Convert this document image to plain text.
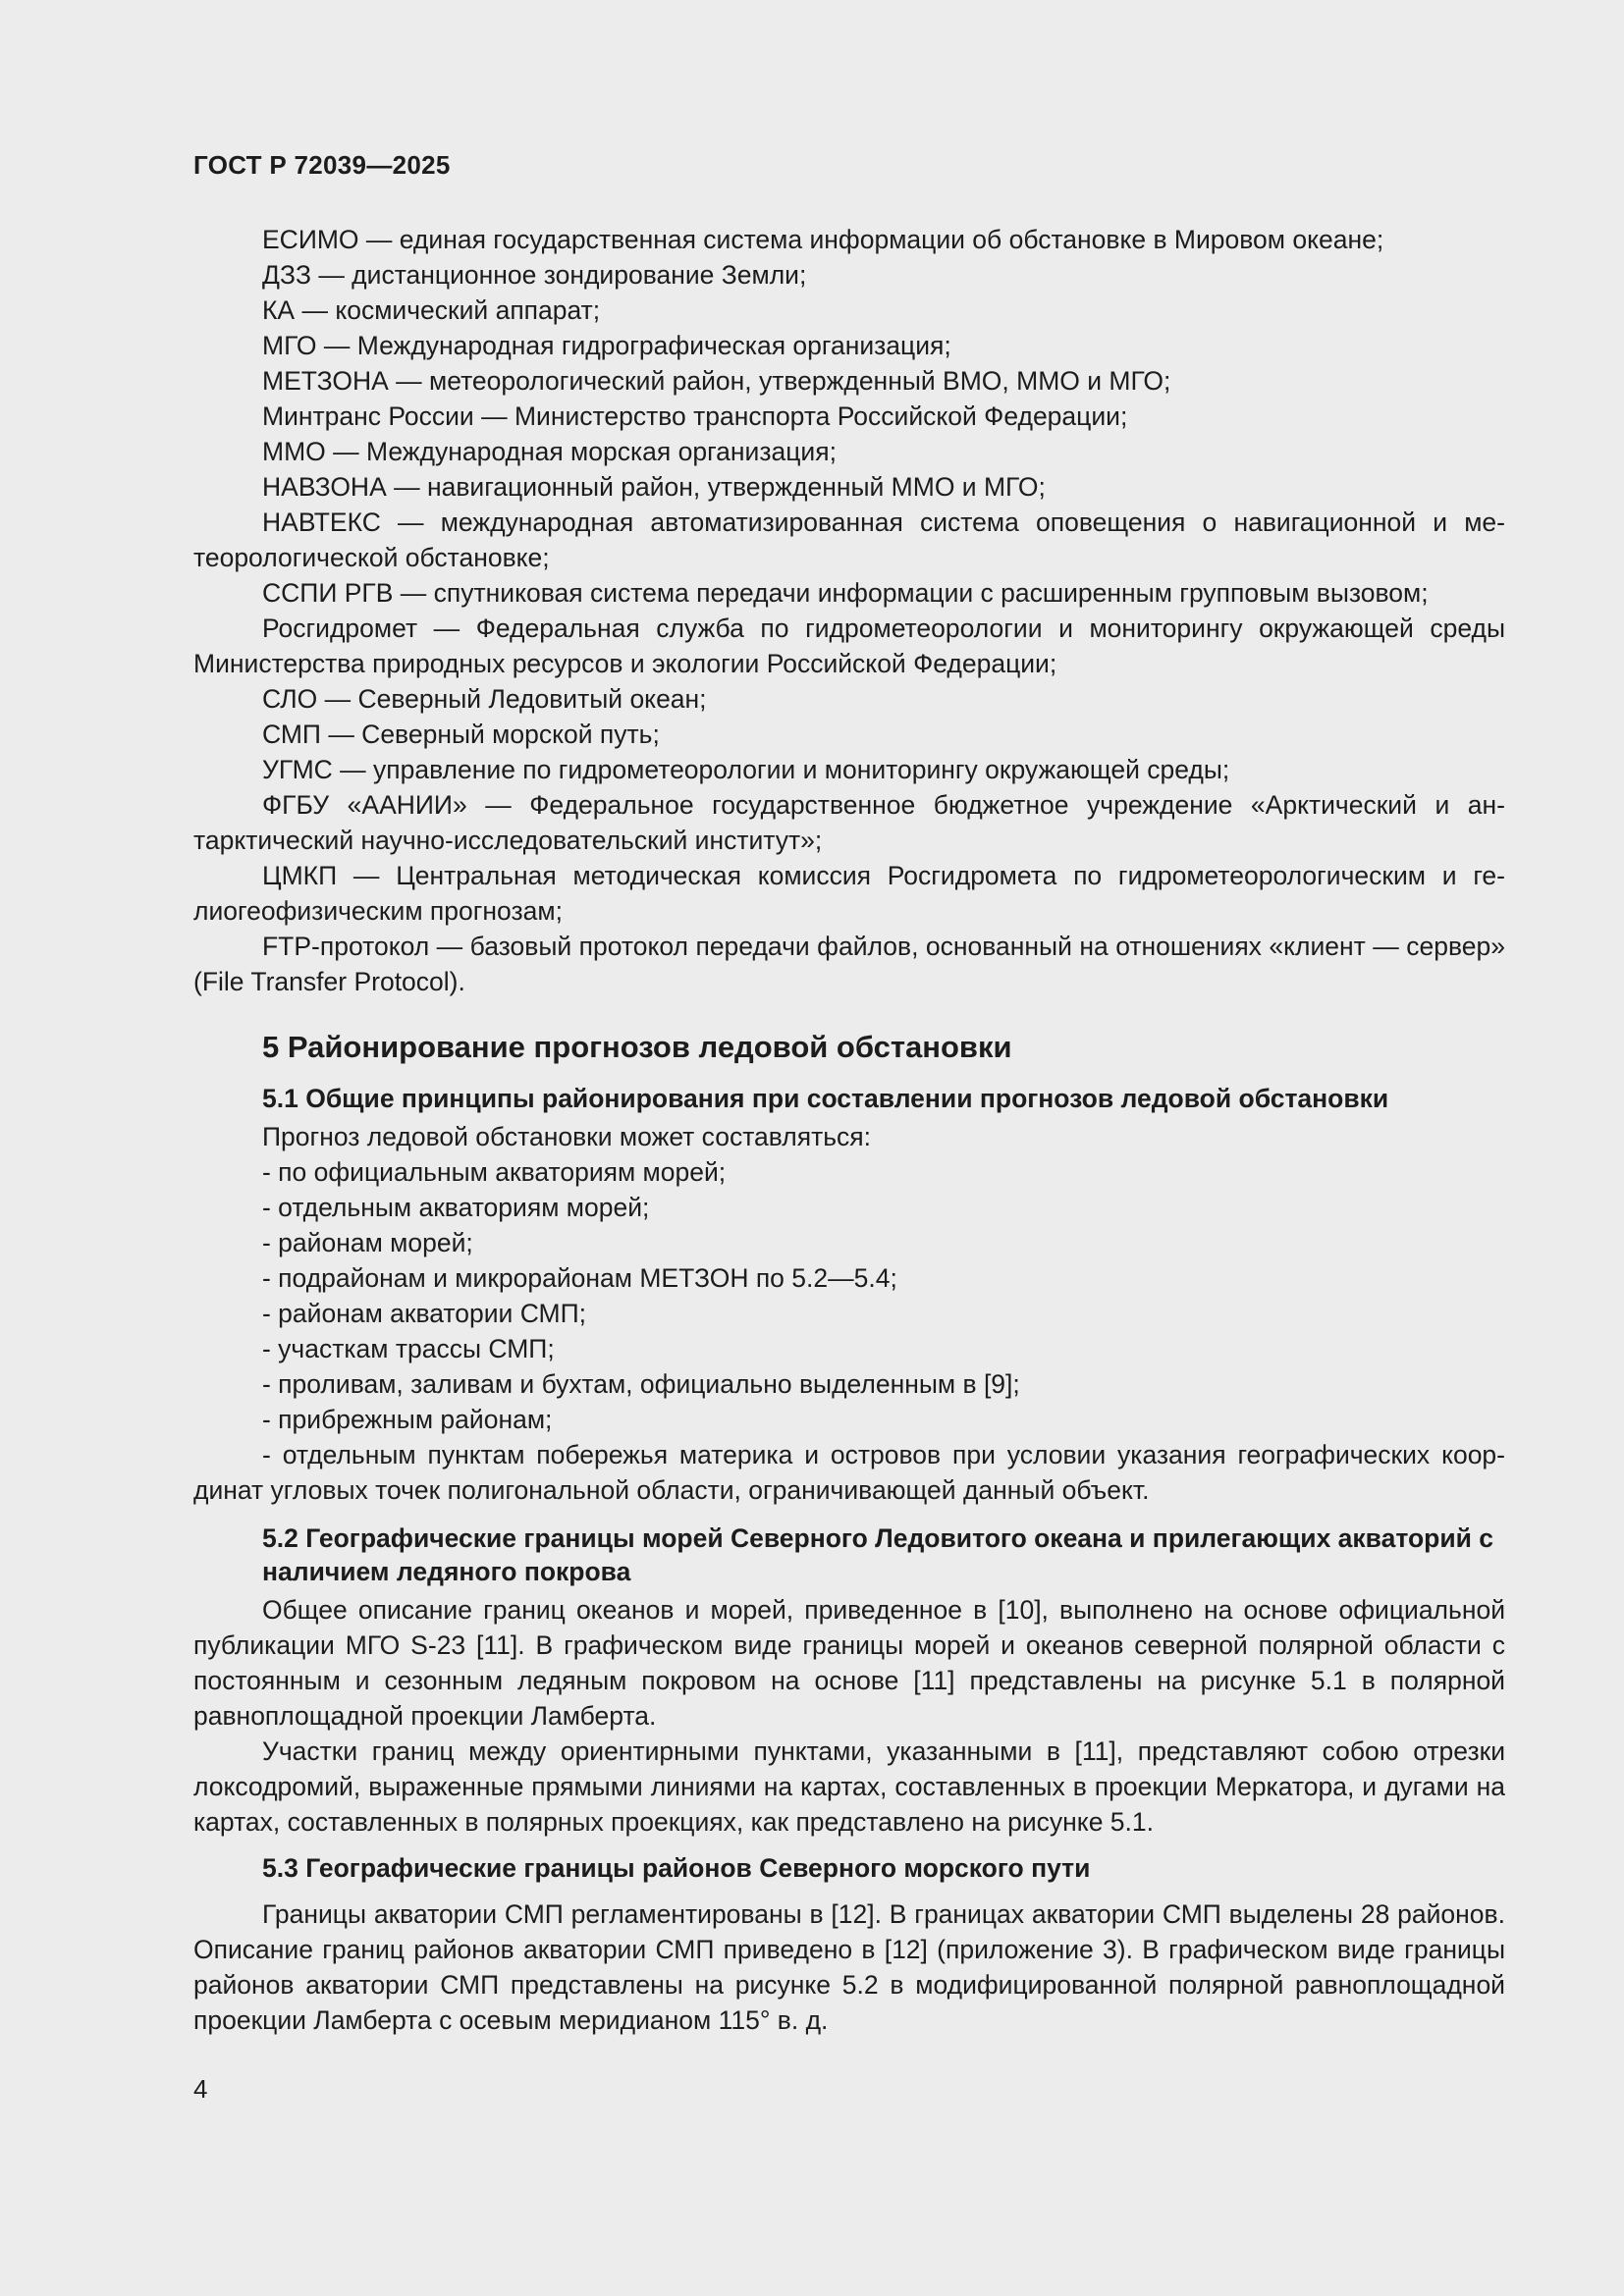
ГОСТ Р 72039—2025

ЕСИМО — единая государственная система информации об обстановке в Мировом океане;

ДЗЗ — дистанционное зондирование Земли;

КА — космический аппарат;

МГО — Международная гидрографическая организация;

МЕТЗОНА — метеорологический район, утвержденный ВМО, ММО и МГО;

Минтранс России — Министерство транспорта Российской Федерации;

ММО — Международная морская организация;

НАВЗОНА — навигационный район, утвержденный ММО и МГО;

НАВТЕКС — международная автоматизированная система оповещения о навигационной и метеорологической обстановке;

ССПИ РГВ — спутниковая система передачи информации с расширенным групповым вызовом;

Росгидромет — Федеральная служба по гидрометеорологии и мониторингу окружающей среды Министерства природных ресурсов и экологии Российской Федерации;

СЛО — Северный Ледовитый океан;

СМП — Северный морской путь;

УГМС — управление по гидрометеорологии и мониторингу окружающей среды;

ФГБУ «ААНИИ» — Федеральное государственное бюджетное учреждение «Арктический и антарктический научно-исследовательский институт»;

ЦМКП — Центральная методическая комиссия Росгидромета по гидрометеорологическим и гелиогеофизическим прогнозам;

FTP-протокол — базовый протокол передачи файлов, основанный на отношениях «клиент — сервер» (File Transfer Protocol).

5 Районирование прогнозов ледовой обстановки
5.1 Общие принципы районирования при составлении прогнозов ледовой обстановки

Прогноз ледовой обстановки может составляться:

- по официальным акваториям морей;

- отдельным акваториям морей;

- районам морей;

- подрайонам и микрорайонам МЕТЗОН по 5.2—5.4;

- районам акватории СМП;

- участкам трассы СМП;

- проливам, заливам и бухтам, официально выделенным в [9];

- прибрежным районам;

- отдельным пунктам побережья материка и островов при условии указания географических координат угловых точек полигональной области, ограничивающей данный объект.

5.2 Географические границы морей Северного Ледовитого океана и прилегающих акваторий с наличием ледяного покрова

Общее описание границ океанов и морей, приведенное в [10], выполнено на основе официальной публикации МГО S-23 [11]. В графическом виде границы морей и океанов северной полярной области с постоянным и сезонным ледяным покровом на основе [11] представлены на рисунке 5.1 в полярной равноплощадной проекции Ламберта.

Участки границ между ориентирными пунктами, указанными в [11], представляют собою отрезки локсодромий, выраженные прямыми линиями на картах, составленных в проекции Меркатора, и дугами на картах, составленных в полярных проекциях, как представлено на рисунке 5.1.

5.3 Географические границы районов Северного морского пути

Границы акватории СМП регламентированы в [12]. В границах акватории СМП выделены 28 районов. Описание границ районов акватории СМП приведено в [12] (приложение 3). В графическом виде границы районов акватории СМП представлены на рисунке 5.2 в модифицированной полярной равноплощадной проекции Ламберта с осевым меридианом 115° в. д.

4
